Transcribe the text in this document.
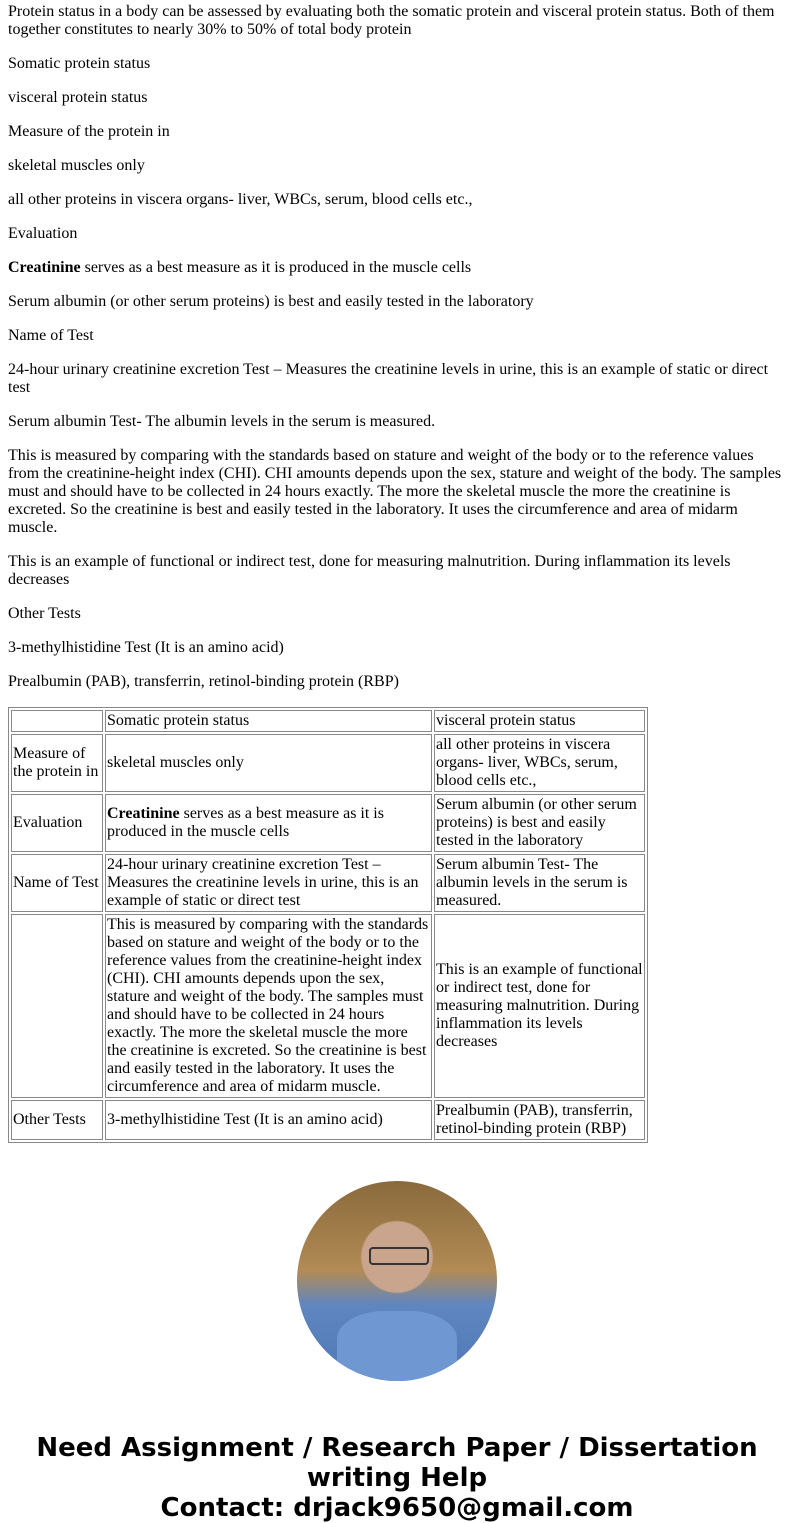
Protein status in a body can be assessed by evaluating both the somatic protein and visceral protein status. Both of them together constitutes to nearly 30% to 50% of total body protein

Somatic protein status

visceral protein status

Measure of the protein in

skeletal muscles only

all other proteins in viscera organs- liver, WBCs, serum, blood cells etc.,

Evaluation

Creatinine serves as a best measure as it is produced in the muscle cells

Serum albumin (or other serum proteins) is best and easily tested in the laboratory

Name of Test

24-hour urinary creatinine excretion Test – Measures the creatinine levels in urine, this is an example of static or direct test

Serum albumin Test- The albumin levels in the serum is measured.

This is measured by comparing with the standards based on stature and weight of the body or to the reference values from the creatinine-height index (CHI). CHI amounts depends upon the sex, stature and weight of the body. The samples must and should have to be collected in 24 hours exactly. The more the skeletal muscle the more the creatinine is excreted. So the creatinine is best and easily tested in the laboratory. It uses the circumference and area of midarm muscle.

This is an example of functional or indirect test, done for measuring malnutrition. During inflammation its levels decreases

Other Tests

3-methylhistidine Test (It is an amino acid)

Prealbumin (PAB), transferrin, retinol-binding protein (RBP)

	Somatic protein status	visceral protein status
Measure of the protein in	skeletal muscles only	all other proteins in viscera organs- liver, WBCs, serum, blood cells etc.,
Evaluation	Creatinine serves as a best measure as it is produced in the muscle cells	Serum albumin (or other serum proteins) is best and easily tested in the laboratory
Name of Test	24-hour urinary creatinine excretion Test – Measures the creatinine levels in urine, this is an example of static or direct test	Serum albumin Test- The albumin levels in the serum is measured.
	This is measured by comparing with the standards based on stature and weight of the body or to the reference values from the creatinine-height index (CHI). CHI amounts depends upon the sex, stature and weight of the body. The samples must and should have to be collected in 24 hours exactly. The more the skeletal muscle the more the creatinine is excreted. So the creatinine is best and easily tested in the laboratory. It uses the circumference and area of midarm muscle.	This is an example of functional or indirect test, done for measuring malnutrition. During inflammation its levels decreases
Other Tests	3-methylhistidine Test (It is an amino acid)	Prealbumin (PAB), transferrin, retinol-binding protein (RBP)
Need Assignment / Research Paper / Dissertation writing Help
Contact: drjack9650@gmail.com
